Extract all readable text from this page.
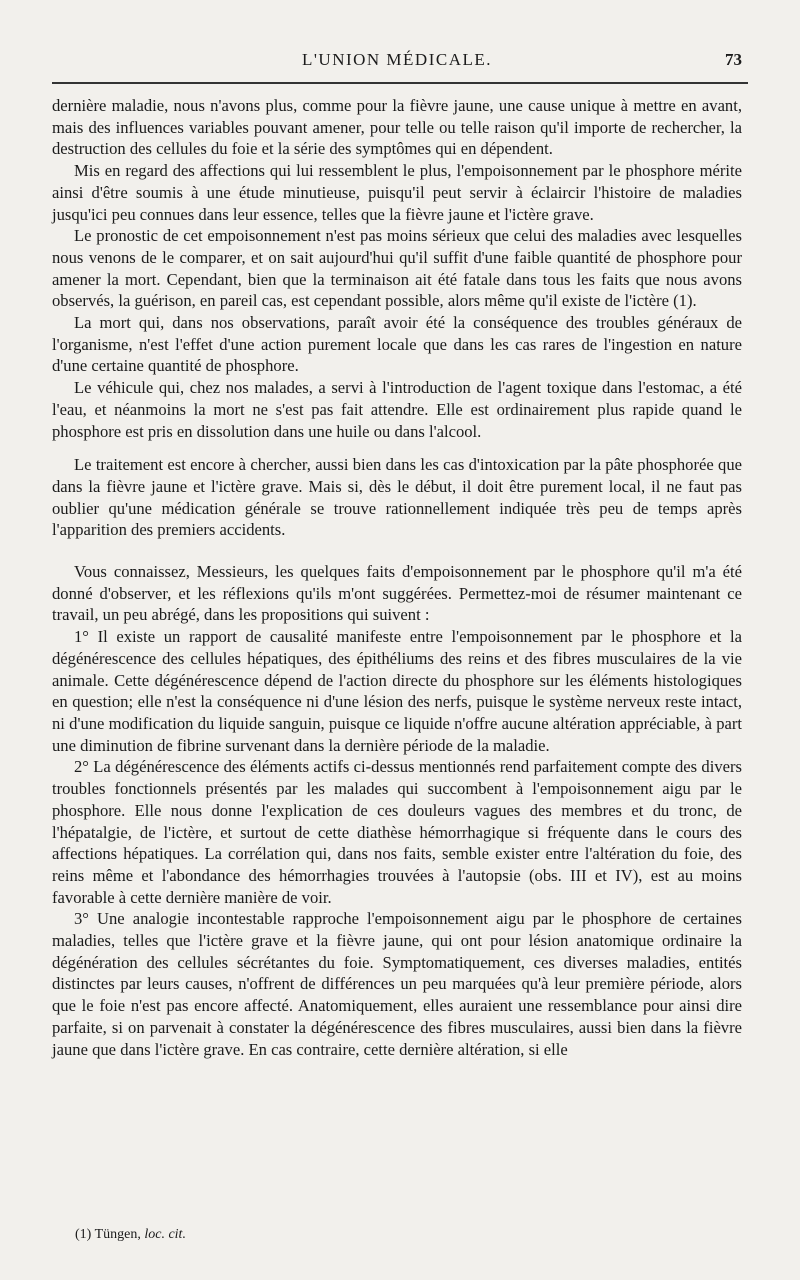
L'UNION MÉDICALE.	73

dernière maladie, nous n'avons plus, comme pour la fièvre jaune, une cause unique à mettre en avant, mais des influences variables pouvant amener, pour telle ou telle raison qu'il importe de rechercher, la destruction des cellules du foie et la série des symptômes qui en dépendent.

Mis en regard des affections qui lui ressemblent le plus, l'empoisonnement par le phosphore mérite ainsi d'être soumis à une étude minutieuse, puisqu'il peut servir à éclaircir l'histoire de maladies jusqu'ici peu connues dans leur essence, telles que la fièvre jaune et l'ictère grave.

Le pronostic de cet empoisonnement n'est pas moins sérieux que celui des maladies avec lesquelles nous venons de le comparer, et on sait aujourd'hui qu'il suffit d'une faible quantité de phosphore pour amener la mort. Cependant, bien que la terminaison ait été fatale dans tous les faits que nous avons observés, la guérison, en pareil cas, est cependant possible, alors même qu'il existe de l'ictère (1).

La mort qui, dans nos observations, paraît avoir été la conséquence des troubles généraux de l'organisme, n'est l'effet d'une action purement locale que dans les cas rares de l'ingestion en nature d'une certaine quantité de phosphore.

Le véhicule qui, chez nos malades, a servi à l'introduction de l'agent toxique dans l'estomac, a été l'eau, et néanmoins la mort ne s'est pas fait attendre. Elle est ordinairement plus rapide quand le phosphore est pris en dissolution dans une huile ou dans l'alcool.

Le traitement est encore à chercher, aussi bien dans les cas d'intoxication par la pâte phosphorée que dans la fièvre jaune et l'ictère grave. Mais si, dès le début, il doit être purement local, il ne faut pas oublier qu'une médication générale se trouve rationnellement indiquée très peu de temps après l'apparition des premiers accidents.

Vous connaissez, Messieurs, les quelques faits d'empoisonnement par le phosphore qu'il m'a été donné d'observer, et les réflexions qu'ils m'ont suggérées. Permettez-moi de résumer maintenant ce travail, un peu abrégé, dans les propositions qui suivent :

1° Il existe un rapport de causalité manifeste entre l'empoisonnement par le phosphore et la dégénérescence des cellules hépatiques, des épithéliums des reins et des fibres musculaires de la vie animale. Cette dégénérescence dépend de l'action directe du phosphore sur les éléments histologiques en question; elle n'est la conséquence ni d'une lésion des nerfs, puisque le système nerveux reste intact, ni d'une modification du liquide sanguin, puisque ce liquide n'offre aucune altération appréciable, à part une diminution de fibrine survenant dans la dernière période de la maladie.

2° La dégénérescence des éléments actifs ci-dessus mentionnés rend parfaitement compte des divers troubles fonctionnels présentés par les malades qui succombent à l'empoisonnement aigu par le phosphore. Elle nous donne l'explication de ces douleurs vagues des membres et du tronc, de l'hépatalgie, de l'ictère, et surtout de cette diathèse hémorrhagique si fréquente dans le cours des affections hépatiques. La corrélation qui, dans nos faits, semble exister entre l'altération du foie, des reins même et l'abondance des hémorrhagies trouvées à l'autopsie (obs. III et IV), est au moins favorable à cette dernière manière de voir.

3° Une analogie incontestable rapproche l'empoisonnement aigu par le phosphore de certaines maladies, telles que l'ictère grave et la fièvre jaune, qui ont pour lésion anatomique ordinaire la dégénération des cellules sécrétantes du foie. Symptomatiquement, ces diverses maladies, entités distinctes par leurs causes, n'offrent de différences un peu marquées qu'à leur première période, alors que le foie n'est pas encore affecté. Anatomiquement, elles auraient une ressemblance pour ainsi dire parfaite, si on parvenait à constater la dégénérescence des fibres musculaires, aussi bien dans la fièvre jaune que dans l'ictère grave. En cas contraire, cette dernière altération, si elle

(1) Tüngen, loc. cit.
